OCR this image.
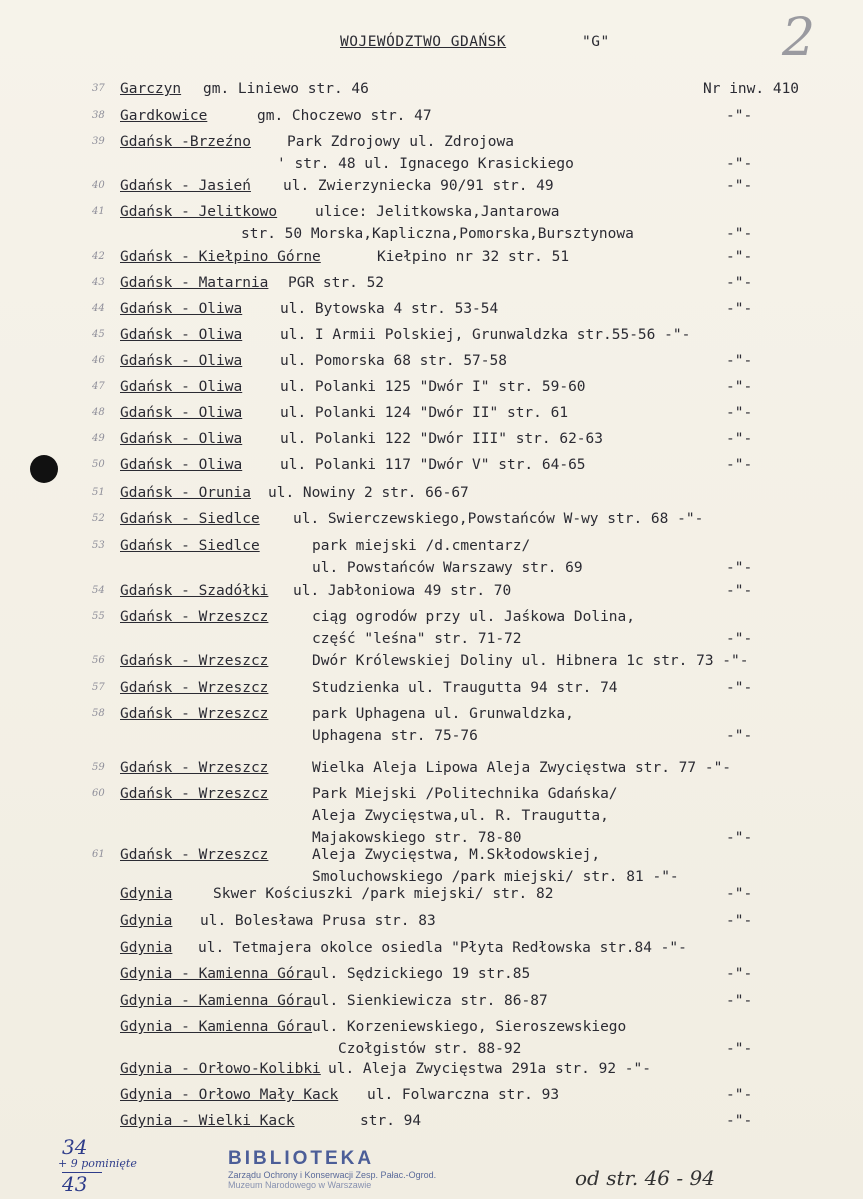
2
WOJEWÓDZTWO GDAŃSK	"G"
37 Garczyn gm. Liniewo str. 46	Nr inw. 410
38 Gardkowice	gm. Choczewo str. 47	-"-
39 Gdańsk -Brzeźno Park Zdrojowy ul. Zdrojowa
' str. 48 ul. Ignacego Krasickiego	-"-
40 Gdańsk - Jasień ul. Zwierzyniecka 90/91 str. 49	-"-
41 Gdańsk - Jelitkowo	ulice: Jelitkowska,Jantarowa
str. 50 Morska,Kapliczna,Pomorska,Bursztynowa	-"-
42 Gdańsk - Kiełpino Górne	Kiełpino nr 32 str. 51	-"-
43 Gdańsk - Matarnia PGR str. 52	-"-
44 Gdańsk - Oliwa	ul. Bytowska 4 str. 53-54	-"-
45 Gdańsk - Oliwa	ul. I Armii Polskiej, Grunwaldzka str.55-56 -"-
46 Gdańsk - Oliwa	ul. Pomorska 68 str. 57-58	-"-
47 Gdańsk - Oliwa	ul. Polanki 125 "Dwór I" str. 59-60	-"-
48 Gdańsk - Oliwa	ul. Polanki 124 "Dwór II" str. 61	-"-
49 Gdańsk - Oliwa	ul. Polanki 122 "Dwór III" str. 62-63	-"-
50 Gdańsk - Oliwa	ul. Polanki 117 "Dwór V" str. 64-65	-"-
51 Gdańsk - Orunia ul. Nowiny 2 str. 66-67
52 Gdańsk - Siedlce ul. Swierczewskiego,Powstańców W-wy str. 68 -"-
53 Gdańsk - Siedlce	park miejski /d.cmentarz/
ul. Powstańców Warszawy str. 69	-"-
54 Gdańsk - Szadółki ul. Jabłoniowa 49 str. 70	-"-
55 Gdańsk - Wrzeszcz	ciąg ogrodów przy ul. Jaśkowa Dolina,
część "leśna" str. 71-72	-"-
56 Gdańsk - Wrzeszcz	Dwór Królewskiej Doliny ul. Hibnera 1c str. 73 -"-
57 Gdańsk - Wrzeszcz	Studzienka ul. Traugutta 94 str. 74	-"-
58 Gdańsk - Wrzeszcz	park Uphagena ul. Grunwaldzka,
Uphagena str. 75-76	-"-
59 Gdańsk - Wrzeszcz	Wielka Aleja Lipowa Aleja Zwycięstwa str. 77 -"-
60 Gdańsk - Wrzeszcz	Park Miejski /Politechnika Gdańska/
Aleja Zwycięstwa,ul. R. Traugutta,
Majakowskiego str. 78-80	-"-
61 Gdańsk - Wrzeszcz	Aleja Zwycięstwa, M.Skłodowskiej,
Smoluchowskiego /park miejski/ str. 81 -"-
Gdynia	Skwer Kościuszki /park miejski/ str. 82	-"-
Gdynia ul. Bolesława Prusa str. 83	-"-
Gdynia ul. Tetmajera okolce osiedla "Płyta Redłowska str.84 -"-
Gdynia - Kamienna Góra ul. Sędzickiego 19 str.85	-"-
Gdynia - Kamienna Góra ul. Sienkiewicza str. 86-87	-"-
Gdynia - Kamienna Góra ul. Korzeniewskiego, Sieroszewskiego
Czołgistów str. 88-92	-"-
Gdynia - Orłowo-Kolibki ul. Aleja Zwycięstwa 291a str. 92 -"-
Gdynia - Orłowo Mały Kack ul. Folwarczna str. 93	-"-
Gdynia - Wielki Kack	str. 94	-"-
34
+ 9 pominięte
43
BIBLIOTEKA
Zarządu Ochrony i Konserwacji Zesp. Pałac.-Ogrod.
Muzeum Narodowego w Warszawie	od str. 46 - 94
